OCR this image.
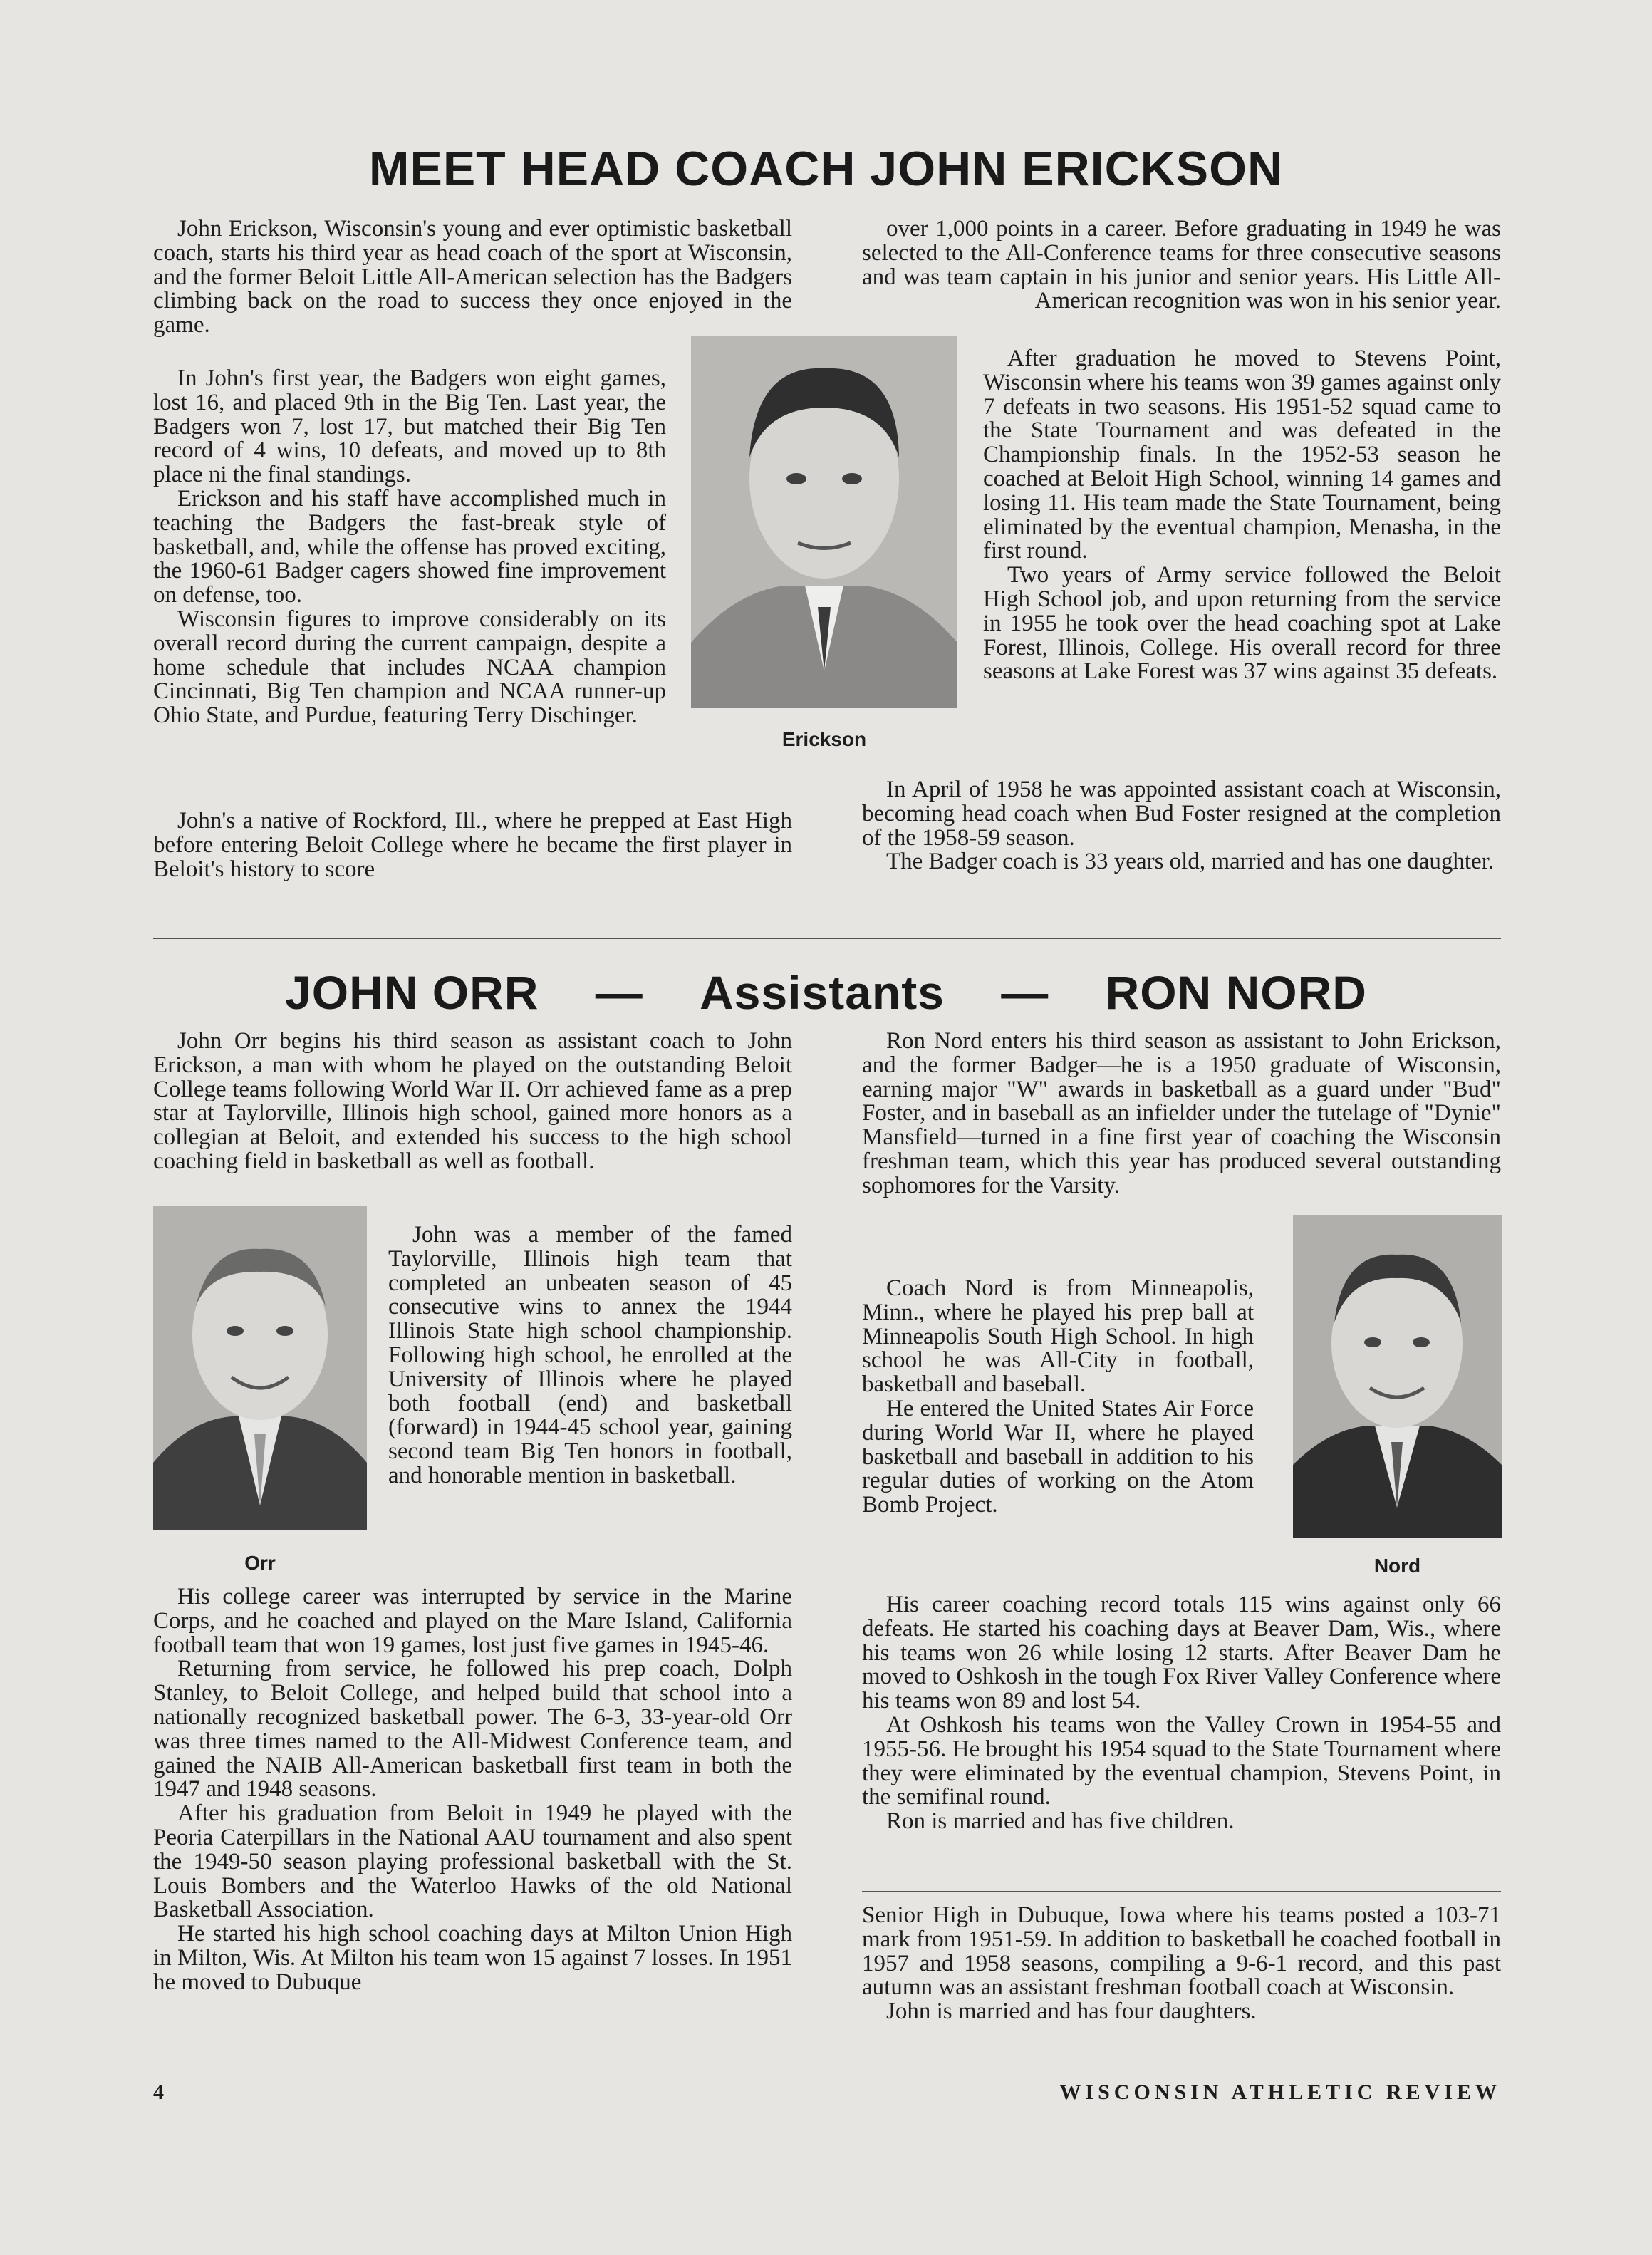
MEET HEAD COACH JOHN ERICKSON

John Erickson, Wisconsin's young and ever optimistic basketball coach, starts his third year as head coach of the sport at Wisconsin, and the former Beloit Little All-American selection has the Badgers climbing back on the road to success they once enjoyed in the game.

In John's first year, the Badgers won eight games, lost 16, and placed 9th in the Big Ten. Last year, the Badgers won 7, lost 17, but matched their Big Ten record of 4 wins, 10 defeats, and moved up to 8th place ni the final standings.

Erickson and his staff have accomplished much in teaching the Badgers the fast-break style of basketball, and, while the offense has proved exciting, the 1960-61 Badger cagers showed fine improvement on defense, too.

Wisconsin figures to improve considerably on its overall record during the current campaign, despite a home schedule that includes NCAA champion Cincinnati, Big Ten champion and NCAA runner-up Ohio State, and Purdue, featuring Terry Dischinger.

John's a native of Rockford, Ill., where he prepped at East High before entering Beloit College where he became the first player in Beloit's history to score

Erickson

over 1,000 points in a career. Before graduating in 1949 he was selected to the All-Conference teams for three consecutive seasons and was team captain in his junior and senior years. His Little All-American recognition was won in his senior year.

After graduation he moved to Stevens Point, Wisconsin where his teams won 39 games against only 7 defeats in two seasons. His 1951-52 squad came to the State Tournament and was defeated in the Championship finals. In the 1952-53 season he coached at Beloit High School, winning 14 games and losing 11. His team made the State Tournament, being eliminated by the eventual champion, Menasha, in the first round.

Two years of Army service followed the Beloit High School job, and upon returning from the service in 1955 he took over the head coaching spot at Lake Forest, Illinois, College. His overall record for three seasons at Lake Forest was 37 wins against 35 defeats.

In April of 1958 he was appointed assistant coach at Wisconsin, becoming head coach when Bud Foster resigned at the completion of the 1958-59 season.

The Badger coach is 33 years old, married and has one daughter.

JOHN ORR — Assistants — RON NORD

John Orr begins his third season as assistant coach to John Erickson, a man with whom he played on the outstanding Beloit College teams following World War II. Orr achieved fame as a prep star at Taylorville, Illinois high school, gained more honors as a collegian at Beloit, and extended his success to the high school coaching field in basketball as well as football.

John was a member of the famed Taylorville, Illinois high team that completed an unbeaten season of 45 consecutive wins to annex the 1944 Illinois State high school championship. Following high school, he enrolled at the University of Illinois where he played both football (end) and basketball (forward) in 1944-45 school year, gaining second team Big Ten honors in football, and honorable mention in basketball.

His college career was interrupted by service in the Marine Corps, and he coached and played on the Mare Island, California football team that won 19 games, lost just five games in 1945-46.

Returning from service, he followed his prep coach, Dolph Stanley, to Beloit College, and helped build that school into a nationally recognized basketball power. The 6-3, 33-year-old Orr was three times named to the All-Midwest Conference team, and gained the NAIB All-American basketball first team in both the 1947 and 1948 seasons.

After his graduation from Beloit in 1949 he played with the Peoria Caterpillars in the National AAU tournament and also spent the 1949-50 season playing professional basketball with the St. Louis Bombers and the Waterloo Hawks of the old National Basketball Association.

He started his high school coaching days at Milton Union High in Milton, Wis. At Milton his team won 15 against 7 losses. In 1951 he moved to Dubuque

Orr

Ron Nord enters his third season as assistant to John Erickson, and the former Badger—he is a 1950 graduate of Wisconsin, earning major "W" awards in basketball as a guard under "Bud" Foster, and in baseball as an infielder under the tutelage of "Dynie" Mansfield—turned in a fine first year of coaching the Wisconsin freshman team, which this year has produced several outstanding sophomores for the Varsity.

Coach Nord is from Minneapolis, Minn., where he played his prep ball at Minneapolis South High School. In high school he was All-City in football, basketball and baseball.

He entered the United States Air Force during World War II, where he played basketball and baseball in addition to his regular duties of working on the Atom Bomb Project.

His career coaching record totals 115 wins against only 66 defeats. He started his coaching days at Beaver Dam, Wis., where his teams won 26 while losing 12 starts. After Beaver Dam he moved to Oshkosh in the tough Fox River Valley Conference where his teams won 89 and lost 54.

At Oshkosh his teams won the Valley Crown in 1954-55 and 1955-56. He brought his 1954 squad to the State Tournament where they were eliminated by the eventual champion, Stevens Point, in the semifinal round.

Ron is married and has five children.

Nord

Senior High in Dubuque, Iowa where his teams posted a 103-71 mark from 1951-59. In addition to basketball he coached football in 1957 and 1958 seasons, compiling a 9-6-1 record, and this past autumn was an assistant freshman football coach at Wisconsin.

John is married and has four daughters.

4	WISCONSIN ATHLETIC REVIEW
